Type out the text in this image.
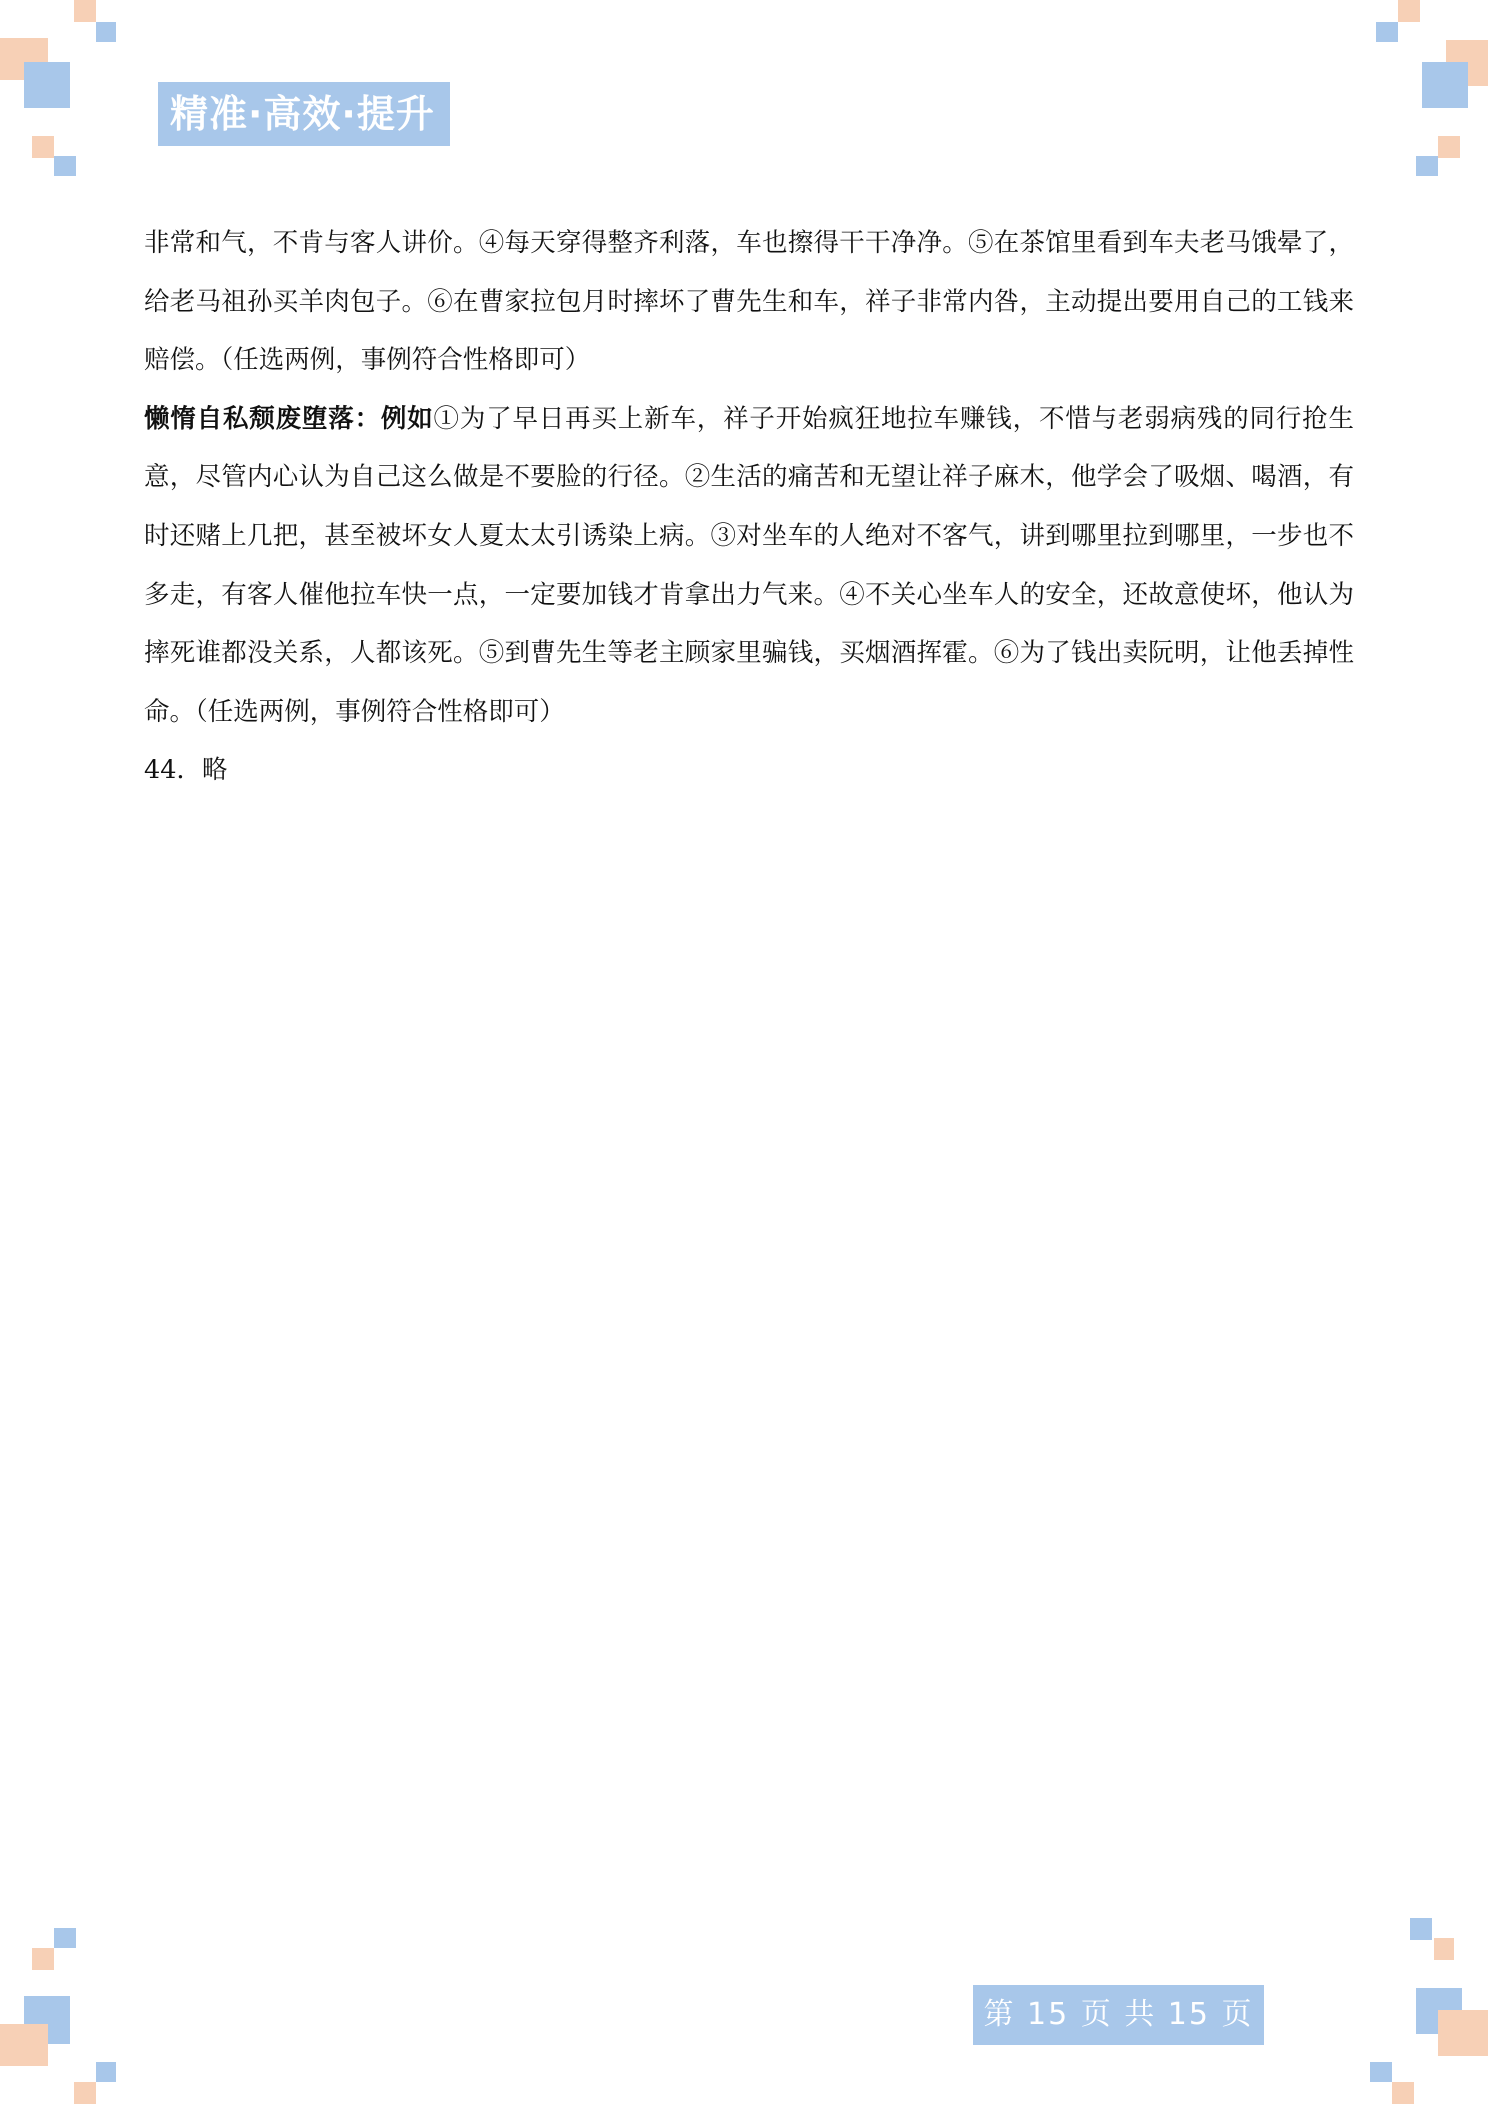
精准·高效·提升

非常和气，不肯与客人讲价。④每天穿得整齐利落，车也擦得干干净净。⑤在茶馆里看到车夫老马饿晕了，给老马祖孙买羊肉包子。⑥在曹家拉包月时摔坏了曹先生和车，祥子非常内咎，主动提出要用自己的工钱来赔偿。（任选两例，事例符合性格即可）

懒惰自私颓废堕落：例如①为了早日再买上新车，祥子开始疯狂地拉车赚钱，不惜与老弱病残的同行抢生意，尽管内心认为自己这么做是不要脸的行径。②生活的痛苦和无望让祥子麻木，他学会了吸烟、喝酒，有时还赌上几把，甚至被坏女人夏太太引诱染上病。③对坐车的人绝对不客气，讲到哪里拉到哪里，一步也不多走，有客人催他拉车快一点，一定要加钱才肯拿出力气来。④不关心坐车人的安全，还故意使坏，他认为摔死谁都没关系，人都该死。⑤到曹先生等老主顾家里骗钱，买烟酒挥霍。⑥为了钱出卖阮明，让他丢掉性命。（任选两例，事例符合性格即可）

44．略

第 15 页 共 15 页
